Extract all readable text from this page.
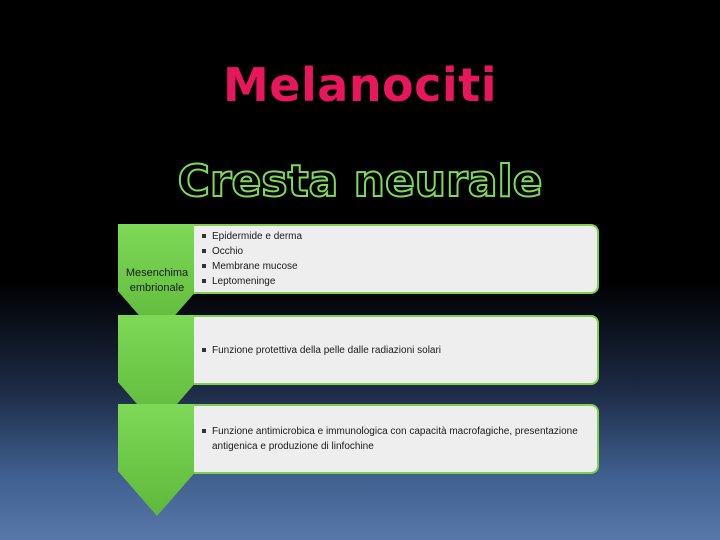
Melanociti
Cresta neurale
Mesenchima
embrionale
Epidermide e derma
Occhio
Membrane mucose
Leptomeninge
Funzione protettiva della pelle dalle radiazioni solari
Funzione antimicrobica e immunologica con capacità macrofagiche, presentazione antigenica e produzione di linfochine
